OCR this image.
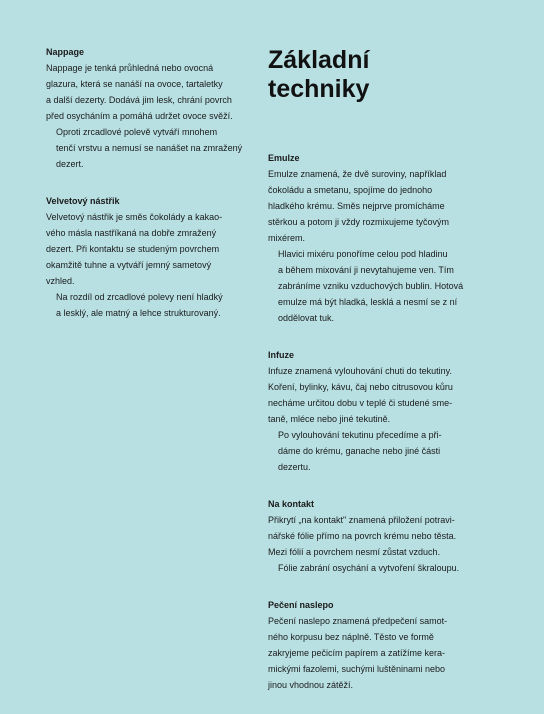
Nappage

Nappage je tenká průhledná nebo ovocná
glazura, která se nanáší na ovoce, tartaletky
a další dezerty. Dodává jim lesk, chrání povrch
před osycháním a pomáhá udržet ovoce svěží.

Oproti zrcadlové polevě vytváří mnohem
tenčí vrstvu a nemusí se nanášet na zmražený
dezert.

Velvetový nástřik

Velvetový nástřik je směs čokolády a kakao-
vého másla nastříkaná na dobře zmražený
dezert. Při kontaktu se studeným povrchem
okamžitě tuhne a vytváří jemný sametový
vzhled.

Na rozdíl od zrcadlové polevy není hladký
a lesklý, ale matný a lehce strukturovaný.

Základní
techniky

Emulze

Emulze znamená, že dvě suroviny, například
čokoládu a smetanu, spojíme do jednoho
hladkého krému. Směs nejprve promícháme
stěrkou a potom ji vždy rozmixujeme tyčovým
mixérem.

Hlavici mixéru ponoříme celou pod hladinu
a během mixování ji nevytahujeme ven. Tím
zabráníme vzniku vzduchových bublin. Hotová
emulze má být hladká, lesklá a nesmí se z ní
oddělovat tuk.

Infuze

Infuze znamená vylouhování chuti do tekutiny.
Koření, bylinky, kávu, čaj nebo citrusovou kůru
necháme určitou dobu v teplé či studené sme-
taně, mléce nebo jiné tekutině.

Po vylouhování tekutinu přecedíme a při-
dáme do krému, ganache nebo jiné části
dezertu.

Na kontakt

Přikrytí „na kontakt" znamená přiložení potravi-
nářské fólie přímo na povrch krému nebo těsta.
Mezi fólií a povrchem nesmí zůstat vzduch.

Fólie zabrání osychání a vytvoření škraloupu.

Pečení naslepo

Pečení naslepo znamená předpečení samot-
ného korpusu bez náplně. Těsto ve formě
zakryjeme pečicím papírem a zatížíme kera-
mickými fazolemi, suchými luštěninami nebo
jinou vhodnou zátěží.
